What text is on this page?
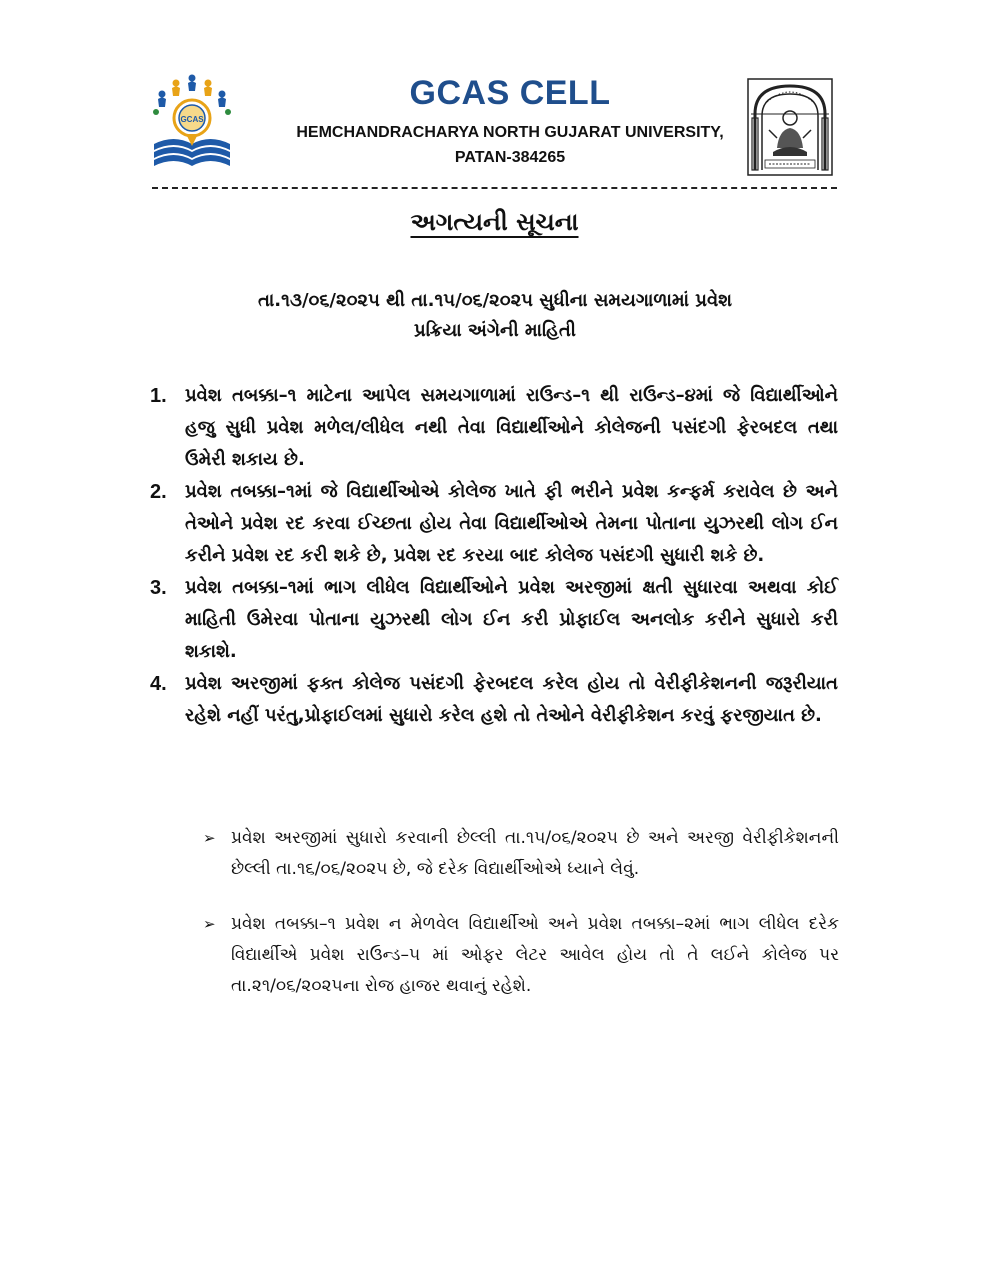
GCAS
GCAS CELL
HEMCHANDRACHARYA NORTH GUJARAT UNIVERSITY,
PATAN-384265
અગત્યની સૂચના
તા.૧૩/૦૬/૨૦૨૫ થી તા.૧૫/૦૬/૨૦૨૫ સુધીના સમયગાળામાં પ્રવેશ
પ્રક્રિયા અંગેની માહિતી
1. પ્રવેશ તબક્કા–૧ માટેના આપેલ સમયગાળામાં રાઉન્ડ–૧ થી રાઉન્ડ–૪માં જે વિદ્યાર્થીઓને હજુ સુધી પ્રવેશ મળેલ/લીધેલ નથી તેવા વિદ્યાર્થીઓને કોલેજની પસંદગી ફેરબદલ તથા ઉમેરી શકાય છે.
2. પ્રવેશ તબક્કા–૧માં જે વિદ્યાર્થીઓએ કોલેજ ખાતે ફી ભરીને પ્રવેશ કન્ફર્મ કરાવેલ છે અને તેઓને પ્રવેશ રદ કરવા ઈચ્છતા હોય તેવા વિદ્યાર્થીઓએ તેમના પોતાના યુઝરથી લોગ ઈન કરીને પ્રવેશ રદ કરી શકે છે, પ્રવેશ રદ કરયા બાદ કોલેજ પસંદગી સુધારી શકે છે.
3. પ્રવેશ તબક્કા–૧માં ભાગ લીધેલ વિદ્યાર્થીઓને પ્રવેશ અરજીમાં ક્ષતી સુધારવા અથવા કોઈ માહિતી ઉમેરવા પોતાના યુઝરથી લોગ ઈન કરી પ્રોફાઈલ અનલોક કરીને સુધારો કરી શકાશે.
4. પ્રવેશ અરજીમાં ફક્ત કોલેજ પસંદગી ફેરબદલ કરેલ હોય તો વેરીફીકેશનની જરૂરીયાત રહેશે નહીં પરંતુ,પ્રોફાઈલમાં સુધારો કરેલ હશે તો તેઓને વેરીફીકેશન કરવું ફરજીયાત છે.
➢ પ્રવેશ અરજીમાં સુધારો કરવાની છેલ્લી તા.૧૫/૦૬/૨૦૨૫ છે અને અરજી વેરીફીકેશનની છેલ્લી તા.૧૬/૦૬/૨૦૨૫ છે, જે દરેક વિદ્યાર્થીઓએ ધ્યાને લેવું.
➢ પ્રવેશ તબક્કા–૧ પ્રવેશ ન મેળવેલ વિદ્યાર્થીઓ અને પ્રવેશ તબક્કા–૨માં ભાગ લીધેલ દરેક વિદ્યાર્થીએ પ્રવેશ રાઉન્ડ–૫ માં ઓફર લેટર આવેલ હોય તો તે લઈને કોલેજ પર તા.૨૧/૦૬/૨૦૨૫ના રોજ હાજર થવાનું રહેશે.
